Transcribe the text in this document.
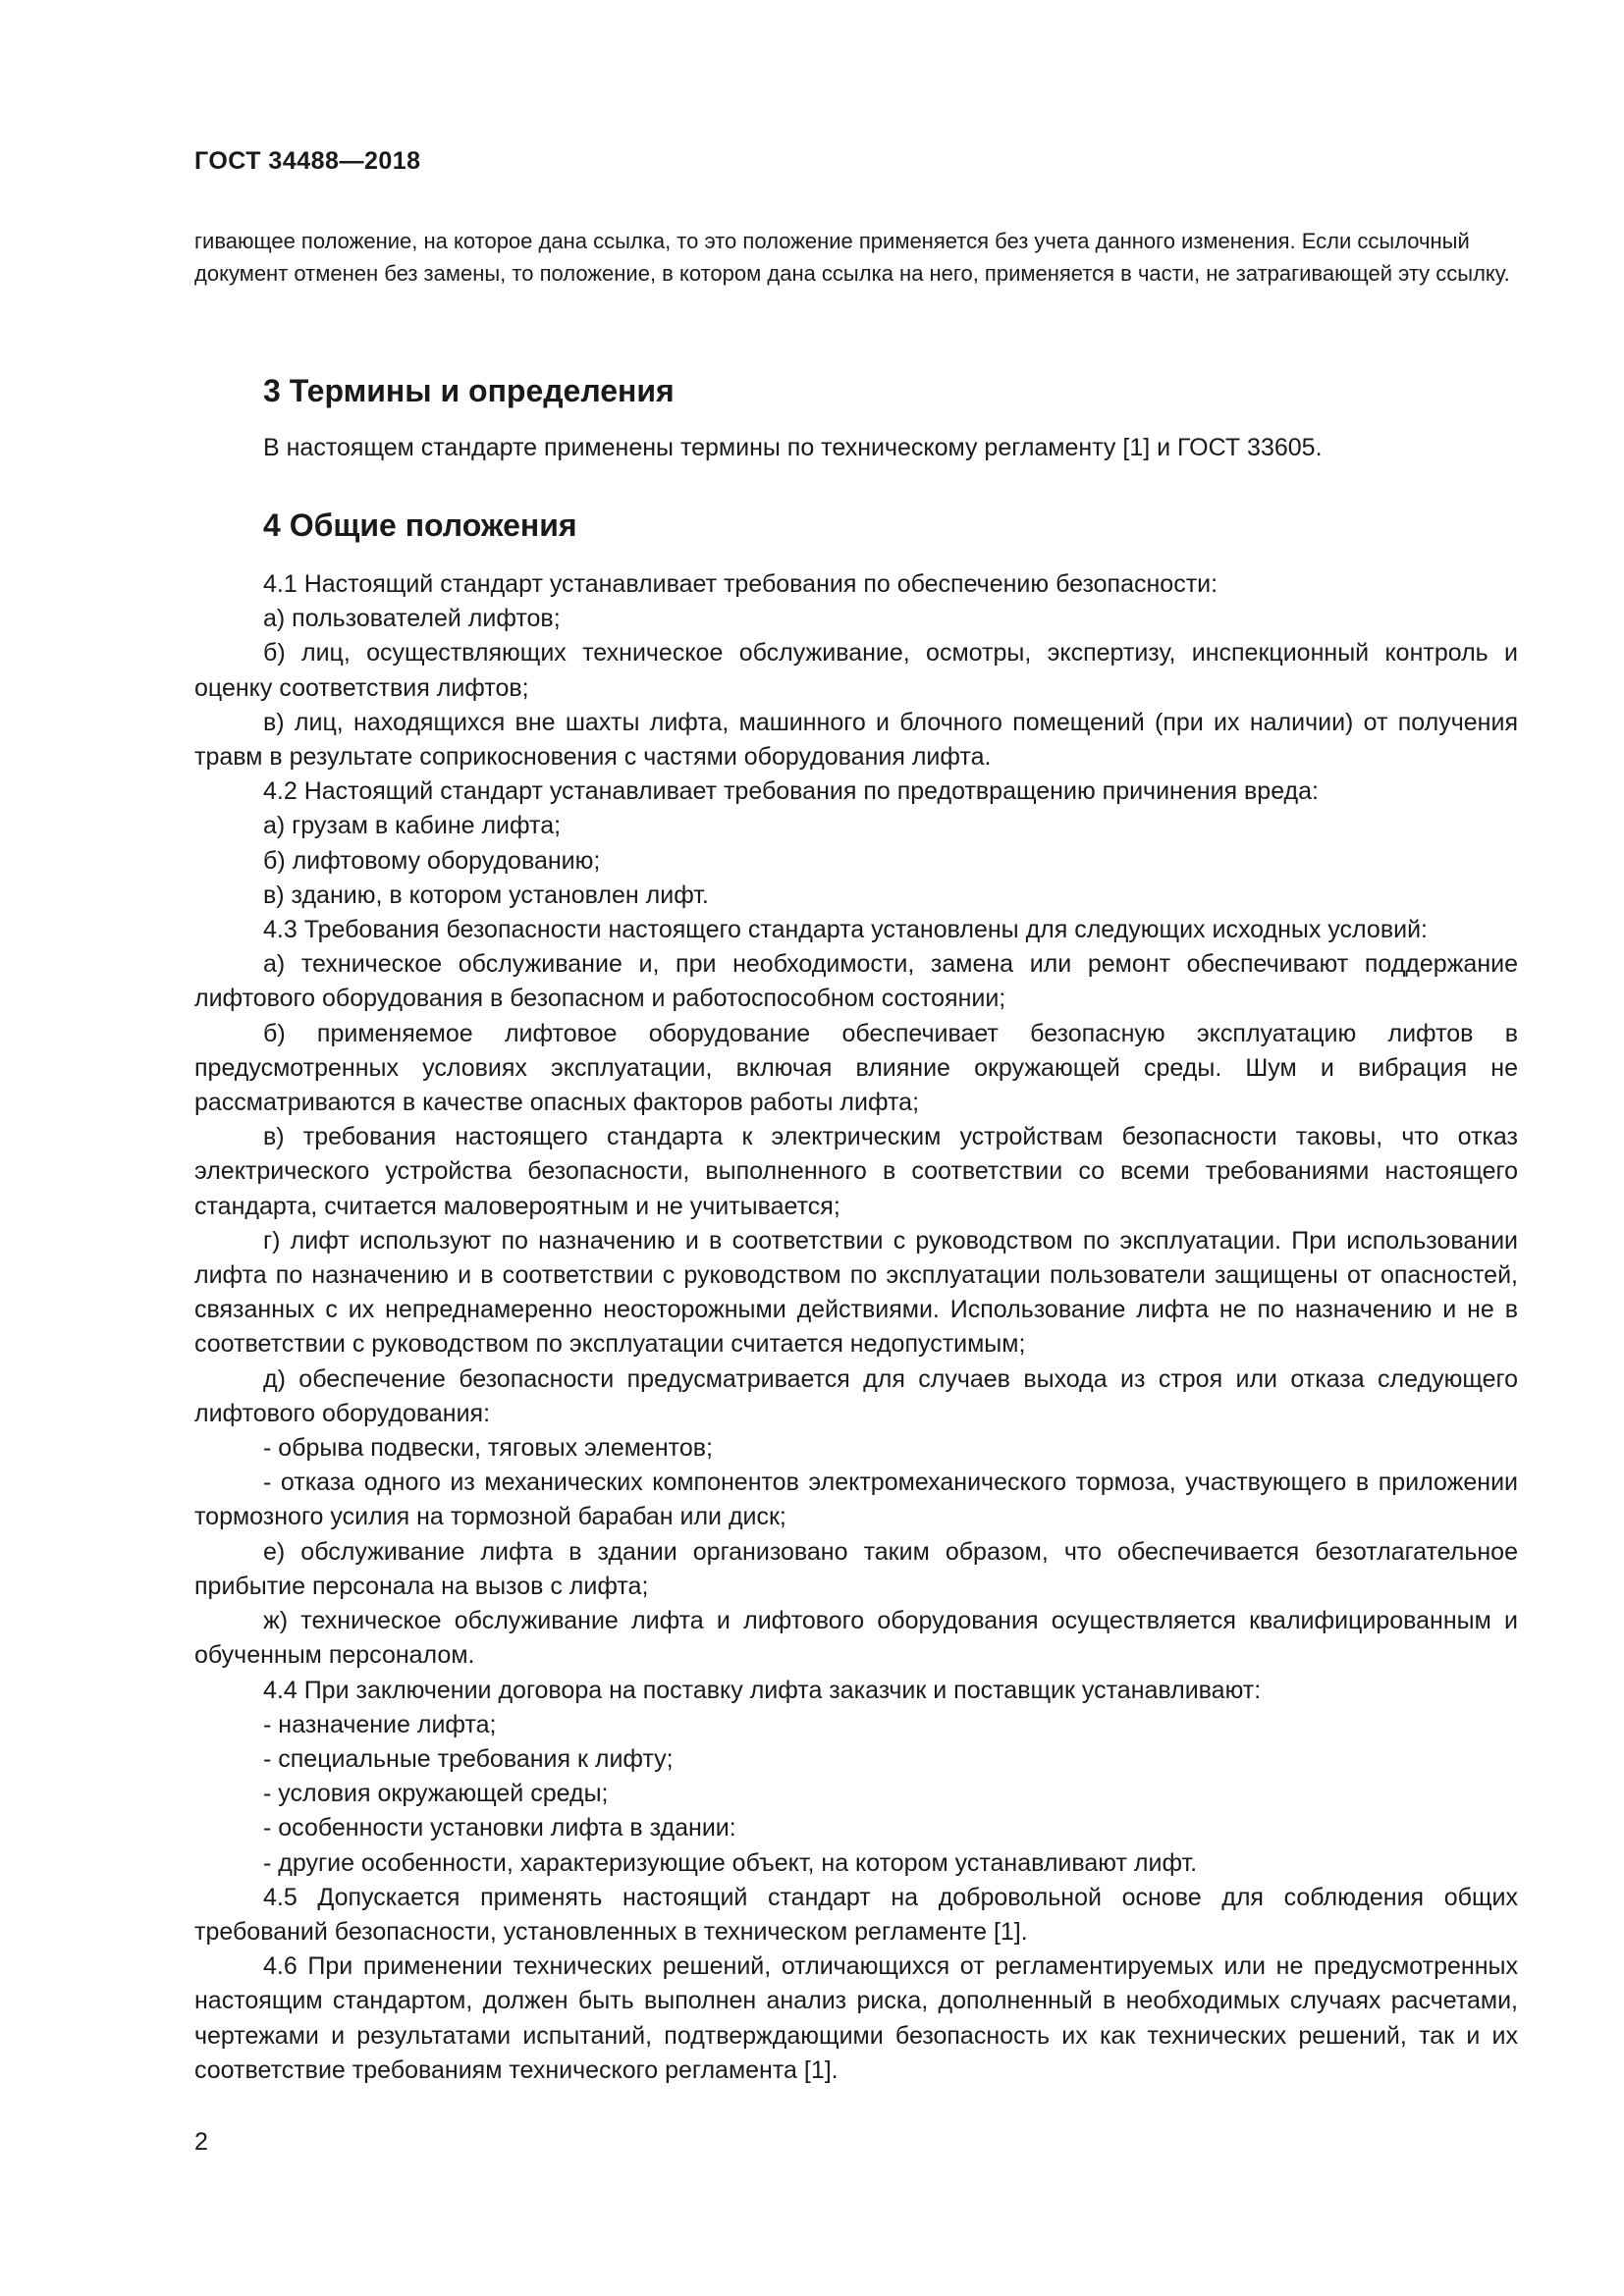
ГОСТ 34488—2018

гивающее положение, на которое дана ссылка, то это положение применяется без учета данного изменения. Если ссылочный документ отменен без замены, то положение, в котором дана ссылка на него, применяется в части, не затрагивающей эту ссылку.

3 Термины и определения

В настоящем стандарте применены термины по техническому регламенту [1] и ГОСТ 33605.

4 Общие положения

4.1 Настоящий стандарт устанавливает требования по обеспечению безопасности:

а) пользователей лифтов;

б) лиц, осуществляющих техническое обслуживание, осмотры, экспертизу, инспекционный контроль и оценку соответствия лифтов;

в) лиц, находящихся вне шахты лифта, машинного и блочного помещений (при их наличии) от получения травм в результате соприкосновения с частями оборудования лифта.

4.2 Настоящий стандарт устанавливает требования по предотвращению причинения вреда:

а) грузам в кабине лифта;

б) лифтовому оборудованию;

в) зданию, в котором установлен лифт.

4.3 Требования безопасности настоящего стандарта установлены для следующих исходных условий:

а) техническое обслуживание и, при необходимости, замена или ремонт обеспечивают поддержание лифтового оборудования в безопасном и работоспособном состоянии;

б) применяемое лифтовое оборудование обеспечивает безопасную эксплуатацию лифтов в предусмотренных условиях эксплуатации, включая влияние окружающей среды. Шум и вибрация не рассматриваются в качестве опасных факторов работы лифта;

в) требования настоящего стандарта к электрическим устройствам безопасности таковы, что отказ электрического устройства безопасности, выполненного в соответствии со всеми требованиями настоящего стандарта, считается маловероятным и не учитывается;

г) лифт используют по назначению и в соответствии с руководством по эксплуатации. При использовании лифта по назначению и в соответствии с руководством по эксплуатации пользователи защищены от опасностей, связанных с их непреднамеренно неосторожными действиями. Использование лифта не по назначению и не в соответствии с руководством по эксплуатации считается недопустимым;

д) обеспечение безопасности предусматривается для случаев выхода из строя или отказа следующего лифтового оборудования:

- обрыва подвески, тяговых элементов;

- отказа одного из механических компонентов электромеханического тормоза, участвующего в приложении тормозного усилия на тормозной барабан или диск;

е) обслуживание лифта в здании организовано таким образом, что обеспечивается безотлагательное прибытие персонала на вызов с лифта;

ж) техническое обслуживание лифта и лифтового оборудования осуществляется квалифицированным и обученным персоналом.

4.4 При заключении договора на поставку лифта заказчик и поставщик устанавливают:

- назначение лифта;

- специальные требования к лифту;

- условия окружающей среды;

- особенности установки лифта в здании:

- другие особенности, характеризующие объект, на котором устанавливают лифт.

4.5 Допускается применять настоящий стандарт на добровольной основе для соблюдения общих требований безопасности, установленных в техническом регламенте [1].

4.6 При применении технических решений, отличающихся от регламентируемых или не предусмотренных настоящим стандартом, должен быть выполнен анализ риска, дополненный в необходимых случаях расчетами, чертежами и результатами испытаний, подтверждающими безопасность их как технических решений, так и их соответствие требованиям технического регламента [1].

2
